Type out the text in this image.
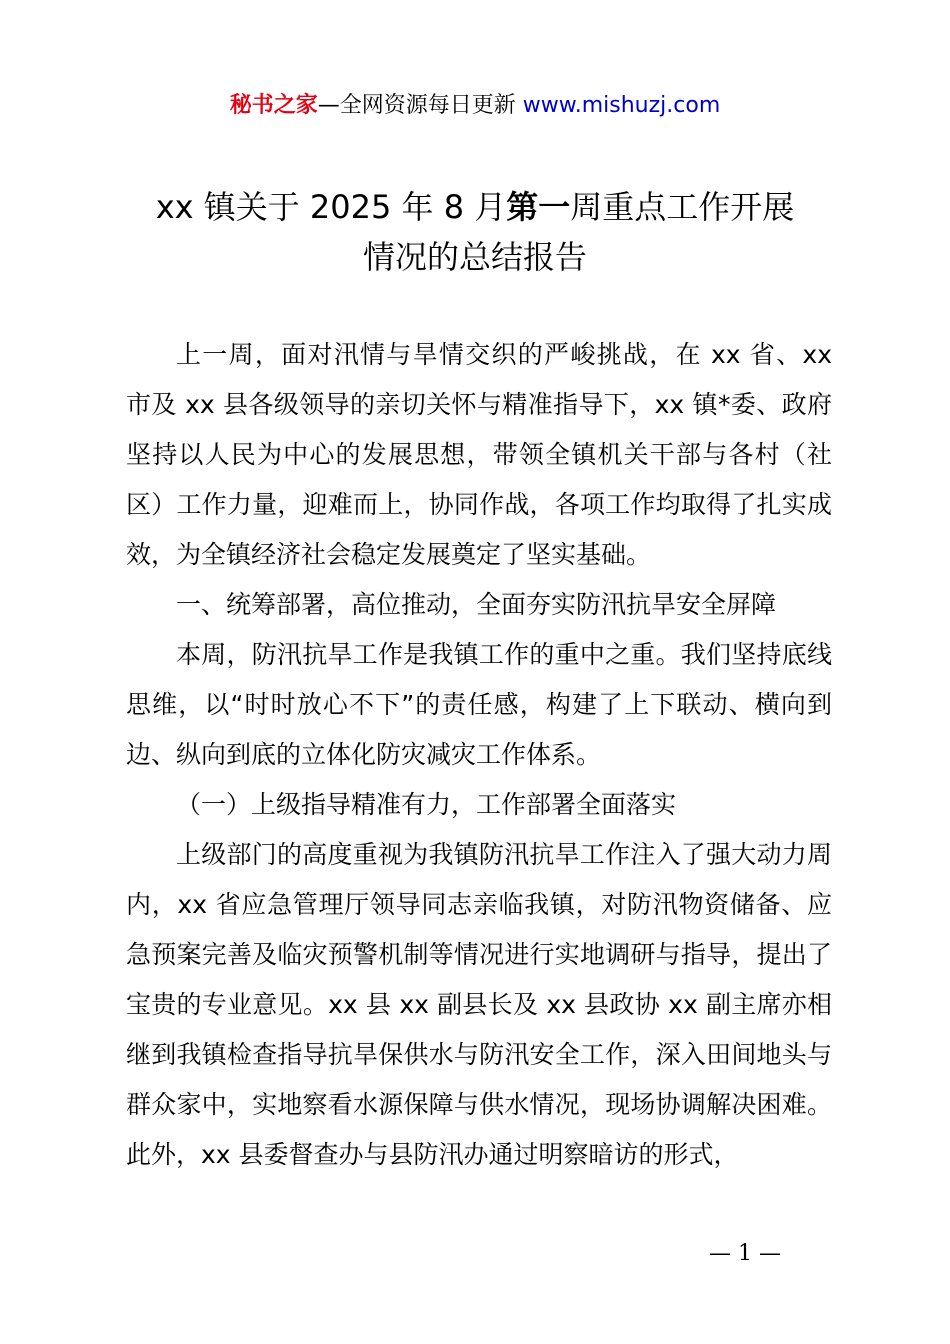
秘书之家—全网资源每日更新 www.mishuzj.com
xx 镇关于 2025 年 8 月第一周重点工作开展
情况的总结报告
上一周，面对汛情与旱情交织的严峻挑战，在 xx 省、xx 市及 xx 县各级领导的亲切关怀与精准指导下，xx 镇*委、政府坚持以人民为中心的发展思想，带领全镇机关干部与各村（社区）工作力量，迎难而上，协同作战，各项工作均取得了扎实成效，为全镇经济社会稳定发展奠定了坚实基础。
一、统筹部署，高位推动，全面夯实防汛抗旱安全屏障
本周，防汛抗旱工作是我镇工作的重中之重。我们坚持底线思维，以“时时放心不下”的责任感，构建了上下联动、横向到边、纵向到底的立体化防灾减灾工作体系。
（一）上级指导精准有力，工作部署全面落实
上级部门的高度重视为我镇防汛抗旱工作注入了强大动力周内，xx 省应急管理厅领导同志亲临我镇，对防汛物资储备、应急预案完善及临灾预警机制等情况进行实地调研与指导，提出了宝贵的专业意见。xx 县 xx 副县长及 xx 县政协 xx 副主席亦相继到我镇检查指导抗旱保供水与防汛安全工作，深入田间地头与群众家中，实地察看水源保障与供水情况，现场协调解决困难。此外，xx 县委督查办与县防汛办通过明察暗访的形式，
— 1 —
